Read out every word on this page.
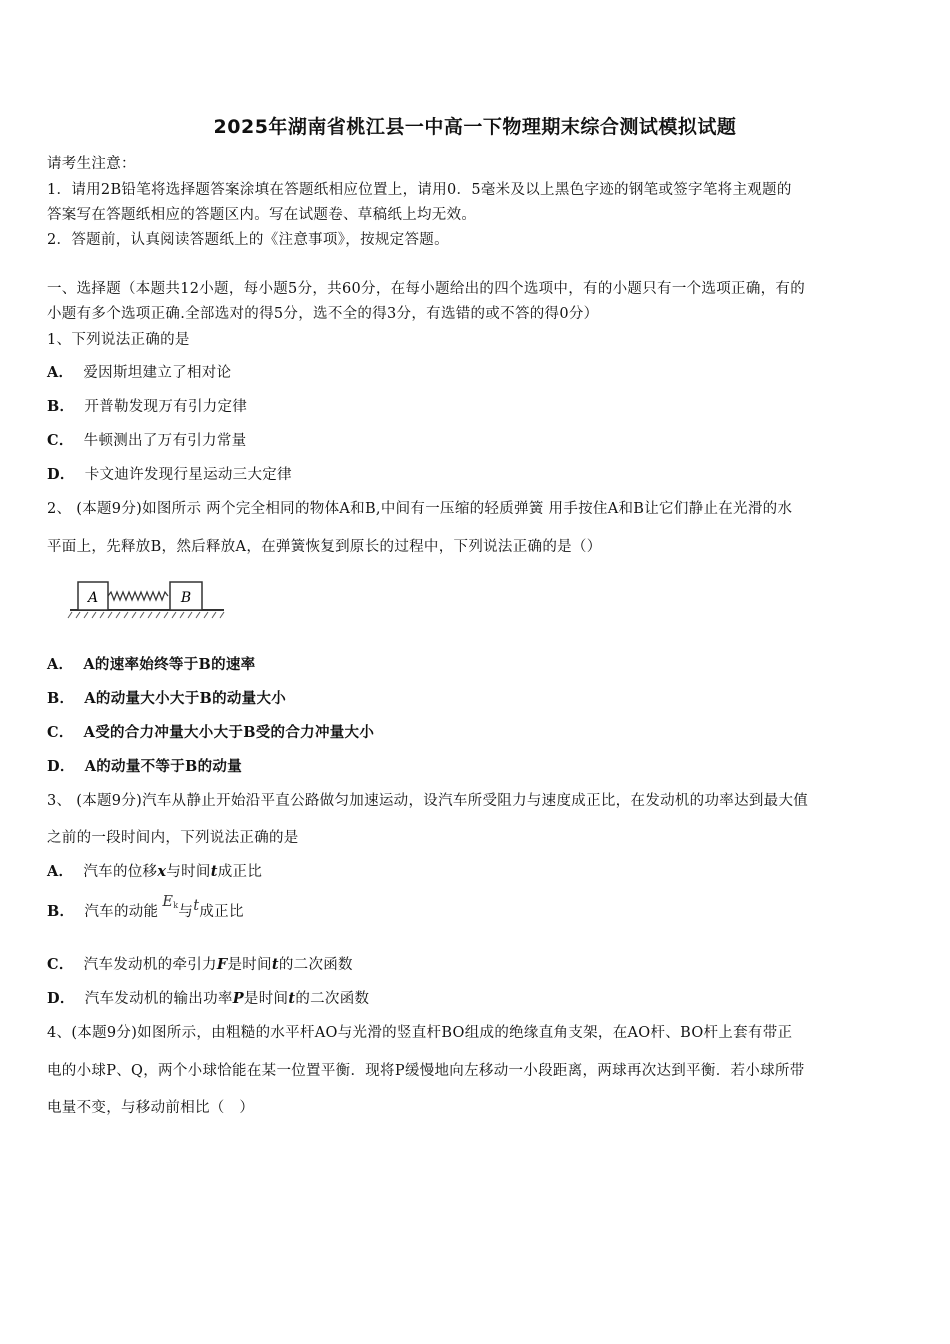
2025年湖南省桃江县一中高一下物理期末综合测试模拟试题
请考生注意：
1．请用2B铅笔将选择题答案涂填在答题纸相应位置上，请用0．5毫米及以上黑色字迹的钢笔或签字笔将主观题的
答案写在答题纸相应的答题区内。写在试题卷、草稿纸上均无效。
2．答题前，认真阅读答题纸上的《注意事项》，按规定答题。
一、选择题（本题共12小题，每小题5分，共60分，在每小题给出的四个选项中，有的小题只有一个选项正确，有的
小题有多个选项正确.全部选对的得5分，选不全的得3分，有选错的或不答的得0分）
1、下列说法正确的是
A． 爱因斯坦建立了相对论
B． 开普勒发现万有引力定律
C． 牛顿测出了万有引力常量
D． 卡文迪许发现行星运动三大定律
2、 (本题9分)如图所示 两个完全相同的物体A和B,中间有一压缩的轻质弹簧 用手按住A和B让它们静止在光滑的水
平面上，先释放B，然后释放A，在弹簧恢复到原长的过程中，下列说法正确的是（）
A	B
A． A的速率始终等于B的速率
B． A的动量大小大于B的动量大小
C． A受的合力冲量大小大于B受的合力冲量大小
D． A的动量不等于B的动量
3、 (本题9分)汽车从静止开始沿平直公路做匀加速运动，设汽车所受阻力与速度成正比，在发动机的功率达到最大值
之前的一段时间内，下列说法正确的是
A． 汽车的位移x与时间t成正比
B． 汽车的动能$E_k$与t成正比
C． 汽车发动机的牵引力F是时间t的二次函数
D． 汽车发动机的输出功率P是时间t的二次函数
4、(本题9分)如图所示，由粗糙的水平杆AO与光滑的竖直杆BO组成的绝缘直角支架，在AO杆、BO杆上套有带正
电的小球P、Q，两个小球恰能在某一位置平衡．现将P缓慢地向左移动一小段距离，两球再次达到平衡．若小球所带
电量不变，与移动前相比（　）
